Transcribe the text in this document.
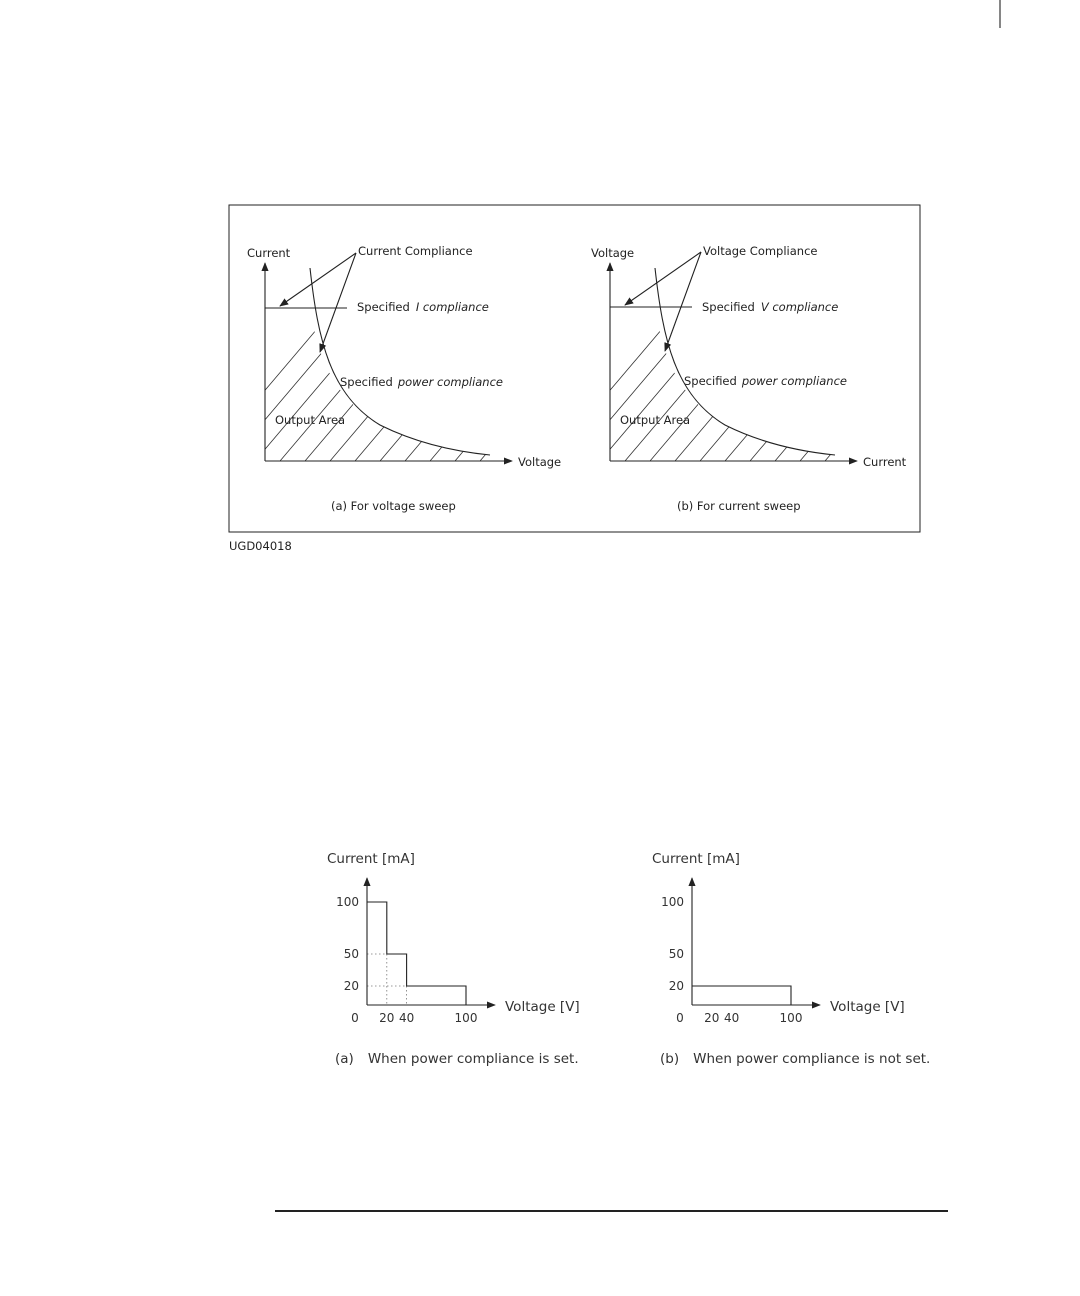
Current	Current Compliance
Specified I compliance
Specified power compliance
Output Area
Voltage
(a) For voltage sweep
Voltage	Voltage Compliance
Specified V compliance
Specified power compliance
Output Area
Current
(b) For current sweep
UGD04018
100
50
20
0 20 40	100
Current [mA]
Voltage [V]
(a) When power compliance is set.
100
50
20
0 20 40	100
Current [mA]
Voltage [V]
(b) When power compliance is not set.
